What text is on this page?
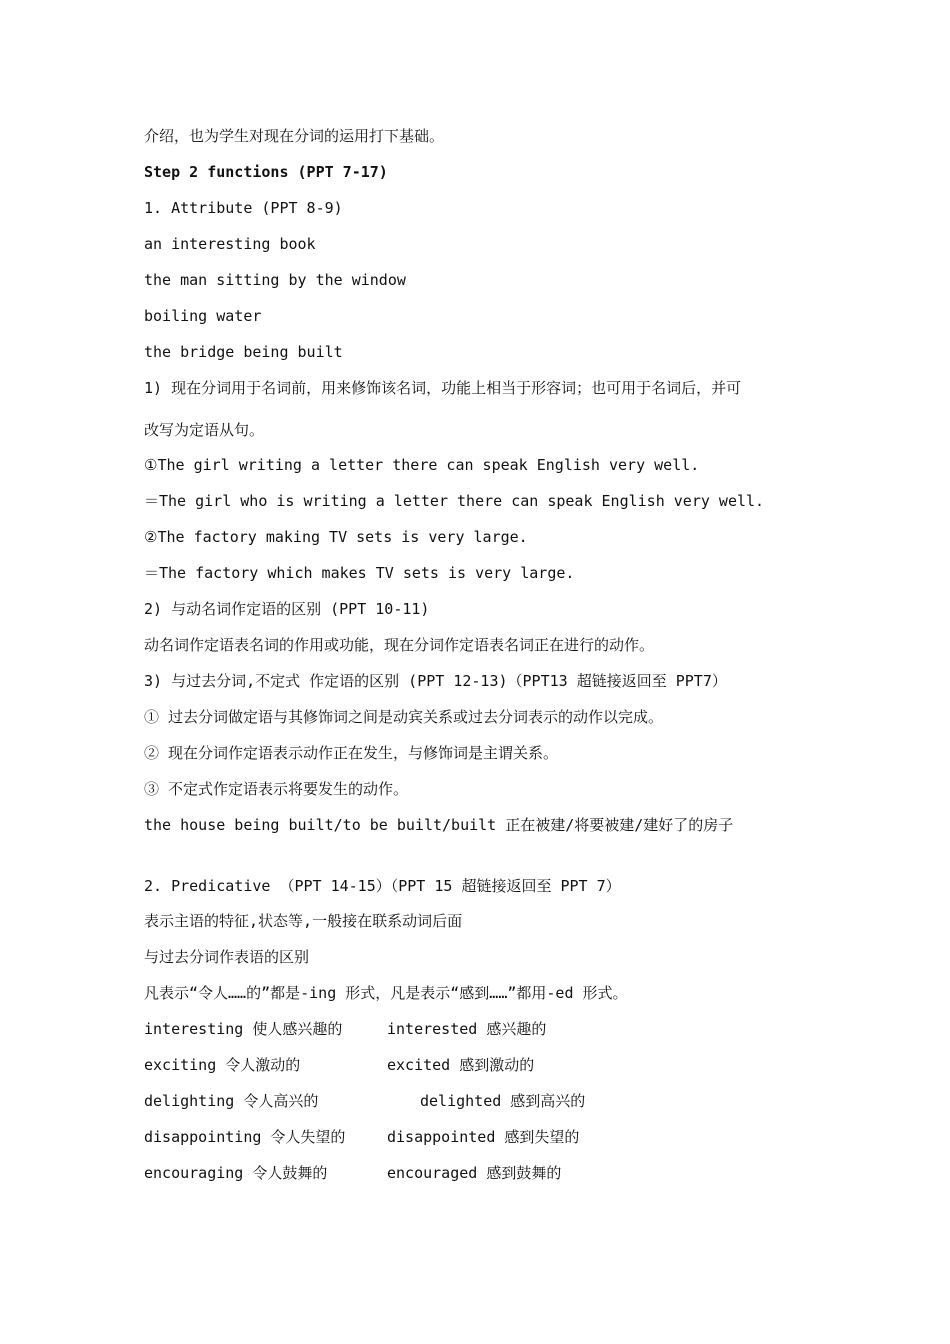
介绍，也为学生对现在分词的运用打下基础。
Step 2 functions (PPT 7-17)
1. Attribute (PPT 8-9)
an interesting book
the man sitting by the window
boiling water
the bridge being built
1) 现在分词用于名词前，用来修饰该名词，功能上相当于形容词；也可用于名词后，并可
改写为定语从句。
①The girl writing a letter there can speak English very well.
＝The girl who is writing a letter there can speak English very well.
②The factory making TV sets is very large.
＝The factory which makes TV sets is very large.
2) 与动名词作定语的区别 (PPT 10-11)
动名词作定语表名词的作用或功能，现在分词作定语表名词正在进行的动作。
3) 与过去分词,不定式 作定语的区别 (PPT 12-13)（PPT13 超链接返回至 PPT7）
① 过去分词做定语与其修饰词之间是动宾关系或过去分词表示的动作以完成。
② 现在分词作定语表示动作正在发生，与修饰词是主谓关系。
③ 不定式作定语表示将要发生的动作。
the house being built/to be built/built 正在被建/将要被建/建好了的房子
2. Predicative （PPT 14-15）（PPT 15 超链接返回至 PPT 7）
表示主语的特征,状态等,一般接在联系动词后面
与过去分词作表语的区别
凡表示“令人……的”都是-ing 形式，凡是表示“感到……”都用-ed 形式。
interesting 使人感兴趣的	interested 感兴趣的
exciting 令人激动的	excited 感到激动的
delighting 令人高兴的	delighted 感到高兴的
disappointing 令人失望的	disappointed 感到失望的
encouraging 令人鼓舞的	encouraged 感到鼓舞的
